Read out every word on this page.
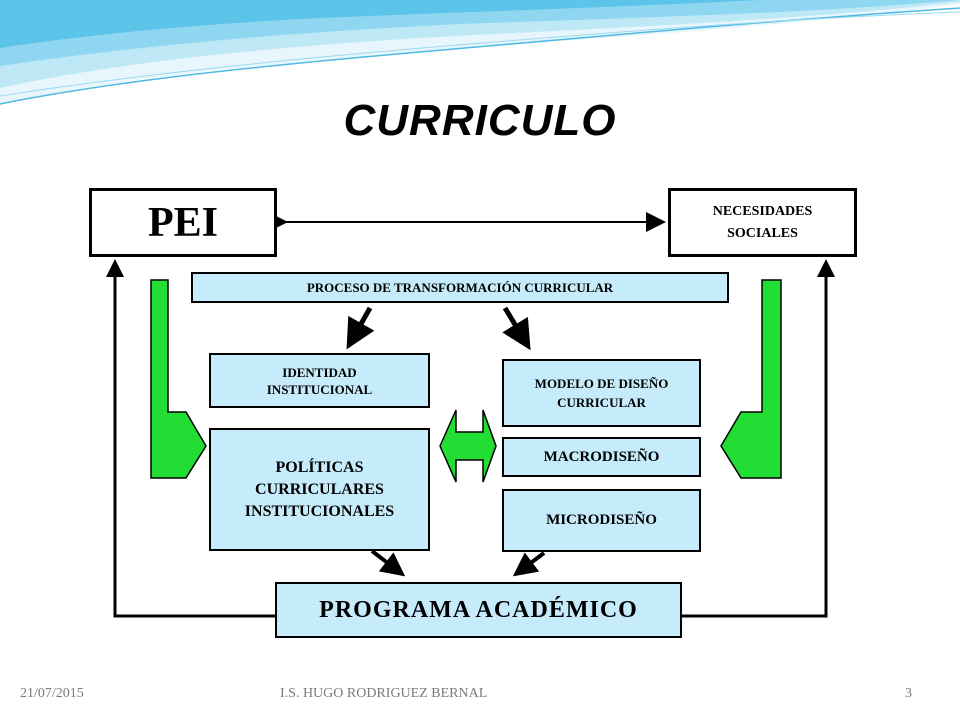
CURRICULO
PEI	NECESIDADES
SOCIALES
PROCESO DE TRANSFORMACIÓN CURRICULAR
IDENTIDAD
INSTITUCIONAL	MODELO DE DISEÑO
CURRICULAR
POLÍTICAS
CURRICULARES
INSTITUCIONALES
MACRODISEÑO
MICRODISEÑO
PROGRAMA ACADÉMICO
21/07/2015	I.S. HUGO RODRIGUEZ BERNAL	3
